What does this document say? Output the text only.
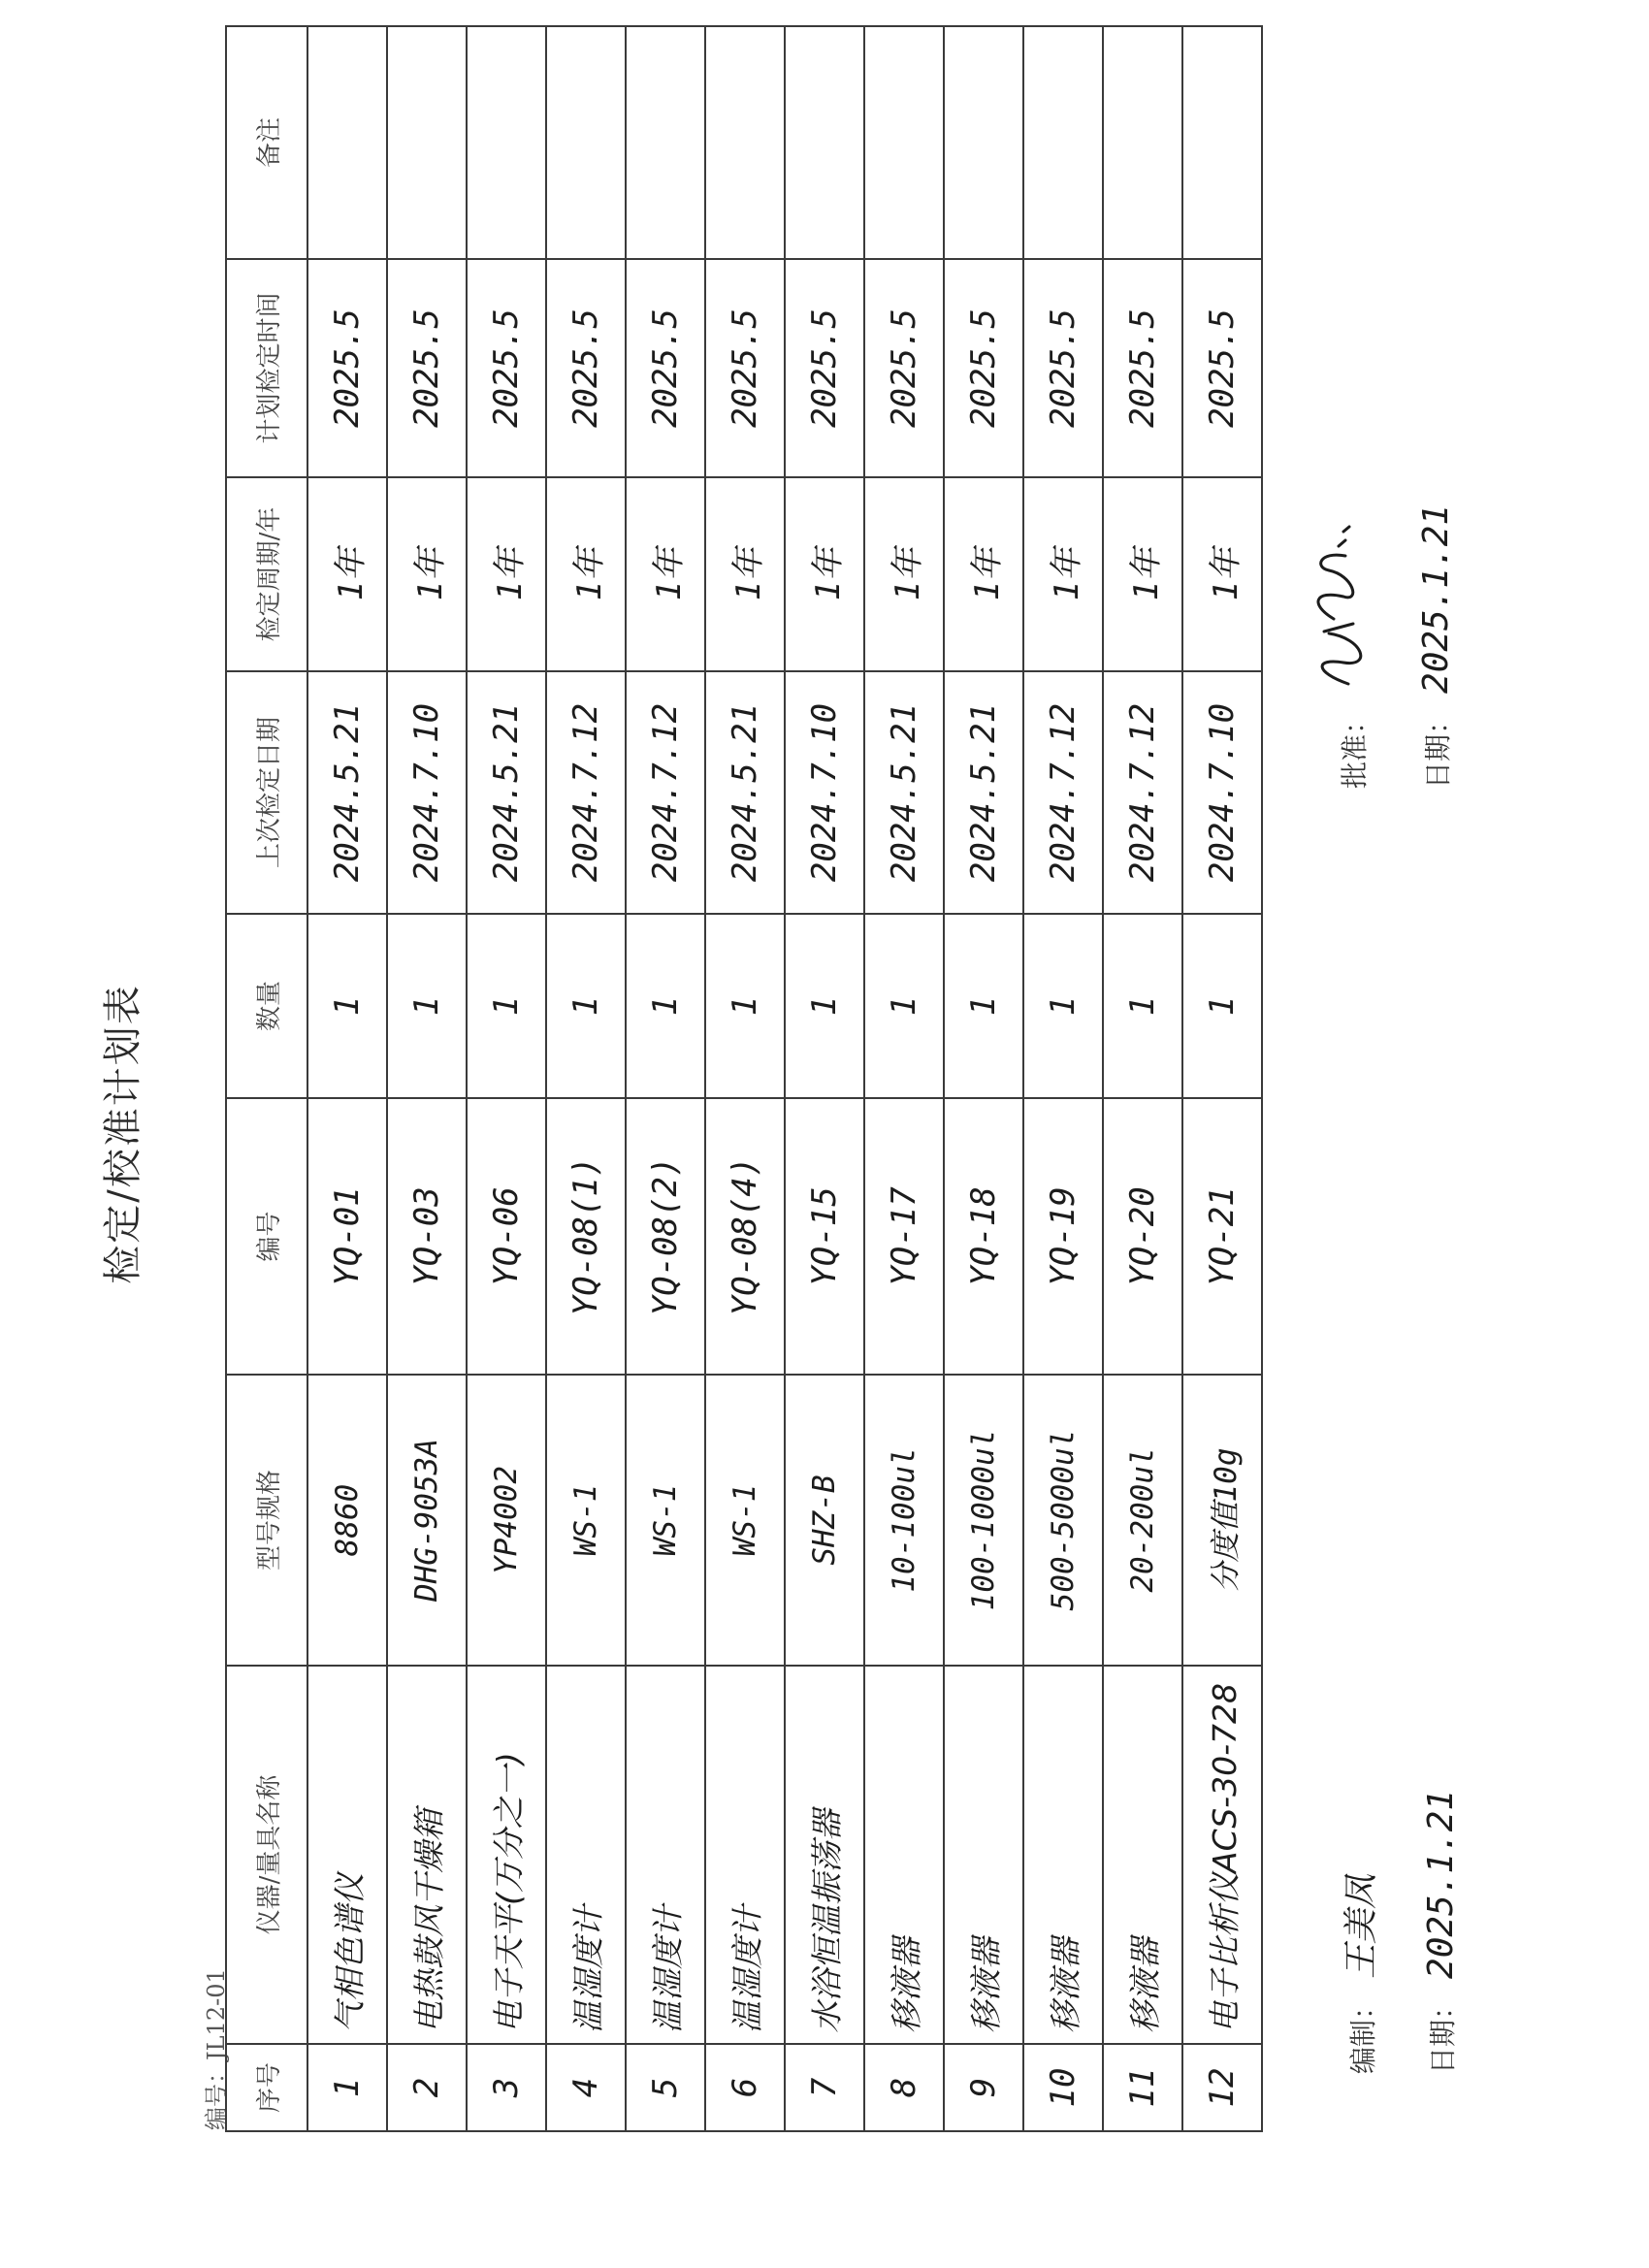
编号：JL12-01
检定/校准计划表
序号	仪器/量具名称	型号规格	编号	数量	上次检定日期	检定周期/年	计划检定时间	备注
1	气相色谱仪	8860	YQ-01	1	2024.5.21	1年	2025.5	
2	电热鼓风干燥箱	DHG-9053A	YQ-03	1	2024.7.10	1年	2025.5	
3	电子天平(万分之一)	YP4002	YQ-06	1	2024.5.21	1年	2025.5	
4	温湿度计	WS-1	YQ-08(1)	1	2024.7.12	1年	2025.5	
5	温湿度计	WS-1	YQ-08(2)	1	2024.7.12	1年	2025.5	
6	温湿度计	WS-1	YQ-08(4)	1	2024.5.21	1年	2025.5	
7	水浴恒温振荡器	SHZ-B	YQ-15	1	2024.7.10	1年	2025.5	
8	移液器	10-100ul	YQ-17	1	2024.5.21	1年	2025.5	
9	移液器	100-1000ul	YQ-18	1	2024.5.21	1年	2025.5	
10	移液器	500-5000ul	YQ-19	1	2024.7.12	1年	2025.5	
11	移液器	20-200ul	YQ-20	1	2024.7.12	1年	2025.5	
12	电子比析仪ACS-30-728	分度值10g	YQ-21	1	2024.7.10	1年	2025.5	
编制：王美凤
日期：2025.1.21
批准： 日期：2025.1.21
